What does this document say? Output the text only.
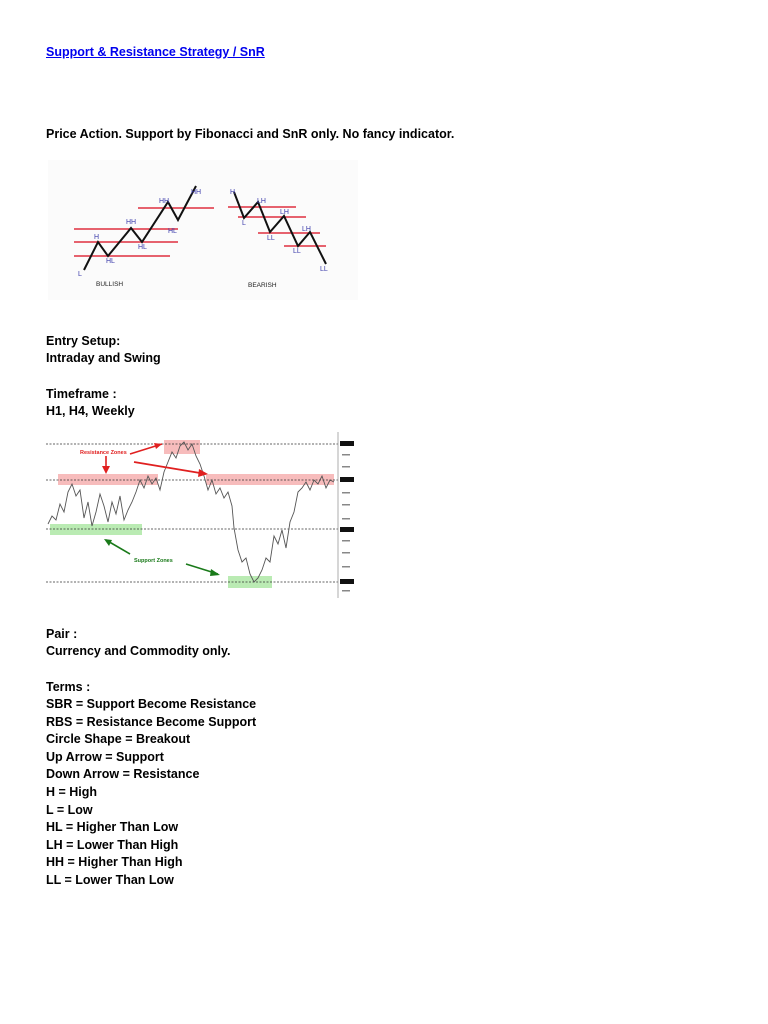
Support & Resistance Strategy / SnR
Price Action. Support by Fibonacci and SnR only. No fancy indicator.
L
H
HL
HH
HL
HH
HL
HH
BULLISH
H
L
LH
LH
LL
LH
LL
LL
BEARISH
Entry Setup:
Intraday and Swing
Timeframe :
H1, H4, Weekly
Resistance Zones
Support Zones
Pair :
Currency and Commodity only.
Terms :
SBR = Support Become Resistance
RBS = Resistance Become Support
Circle Shape = Breakout
Up Arrow = Support
Down Arrow = Resistance
H = High
L = Low
HL = Higher Than Low
LH = Lower Than High
HH = Higher Than High
LL = Lower Than Low
